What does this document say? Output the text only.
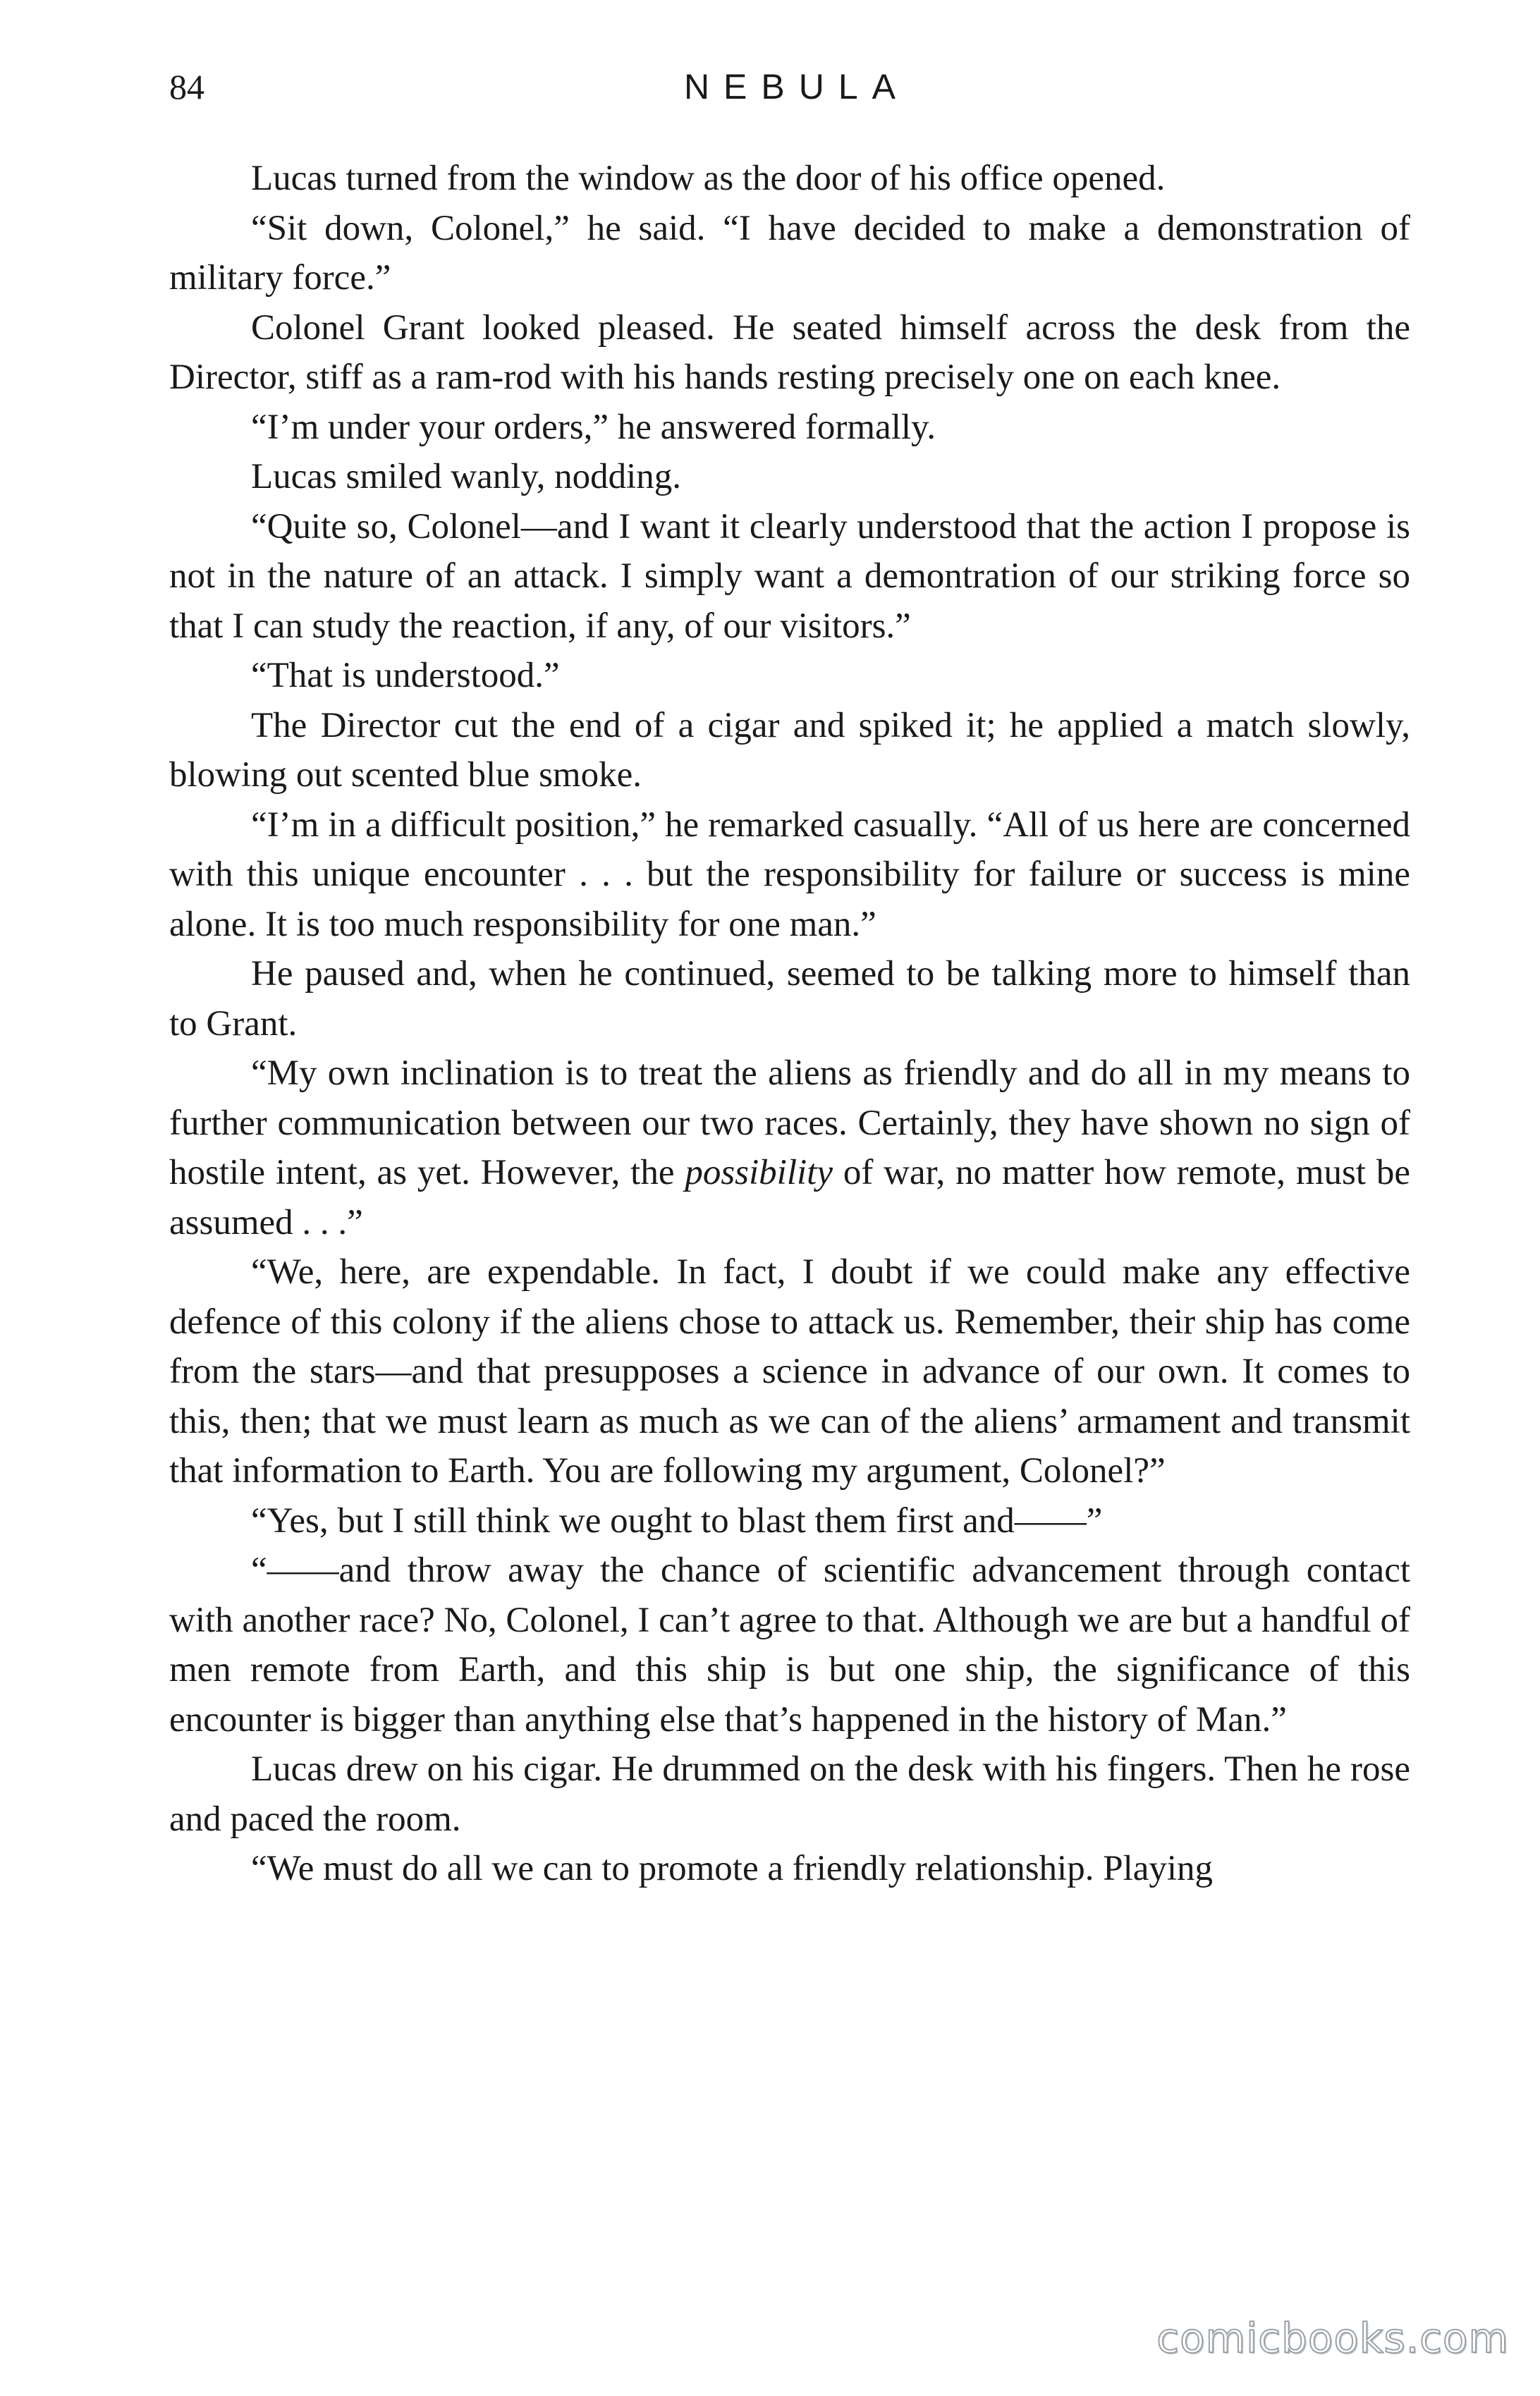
84	NEBULA

Lucas turned from the window as the door of his office opened.

“Sit down, Colonel,” he said. “I have decided to make a demonstration of military force.”

Colonel Grant looked pleased. He seated himself across the desk from the Director, stiff as a ram-rod with his hands resting precisely one on each knee.

“I’m under your orders,” he answered formally.

Lucas smiled wanly, nodding.

“Quite so, Colonel—and I want it clearly understood that the action I propose is not in the nature of an attack. I simply want a demontration of our striking force so that I can study the reaction, if any, of our visitors.”

“That is understood.”

The Director cut the end of a cigar and spiked it; he applied a match slowly, blowing out scented blue smoke.

“I’m in a difficult position,” he remarked casually. “All of us here are concerned with this unique encounter . . . but the responsibility for failure or success is mine alone. It is too much responsibility for one man.”

He paused and, when he continued, seemed to be talking more to himself than to Grant.

“My own inclination is to treat the aliens as friendly and do all in my means to further communication between our two races. Certainly, they have shown no sign of hostile intent, as yet. However, the possibility of war, no matter how remote, must be assumed . . .”

“We, here, are expendable. In fact, I doubt if we could make any effective defence of this colony if the aliens chose to attack us. Remember, their ship has come from the stars—and that presupposes a science in advance of our own. It comes to this, then; that we must learn as much as we can of the aliens’ armament and transmit that information to Earth. You are following my argument, Colonel?”

“Yes, but I still think we ought to blast them first and——”

“——and throw away the chance of scientific advancement through contact with another race? No, Colonel, I can’t agree to that. Although we are but a handful of men remote from Earth, and this ship is but one ship, the significance of this encounter is bigger than anything else that’s happened in the history of Man.”

Lucas drew on his cigar. He drummed on the desk with his fingers. Then he rose and paced the room.

“We must do all we can to promote a friendly relationship. Playing

comicbooks.com
